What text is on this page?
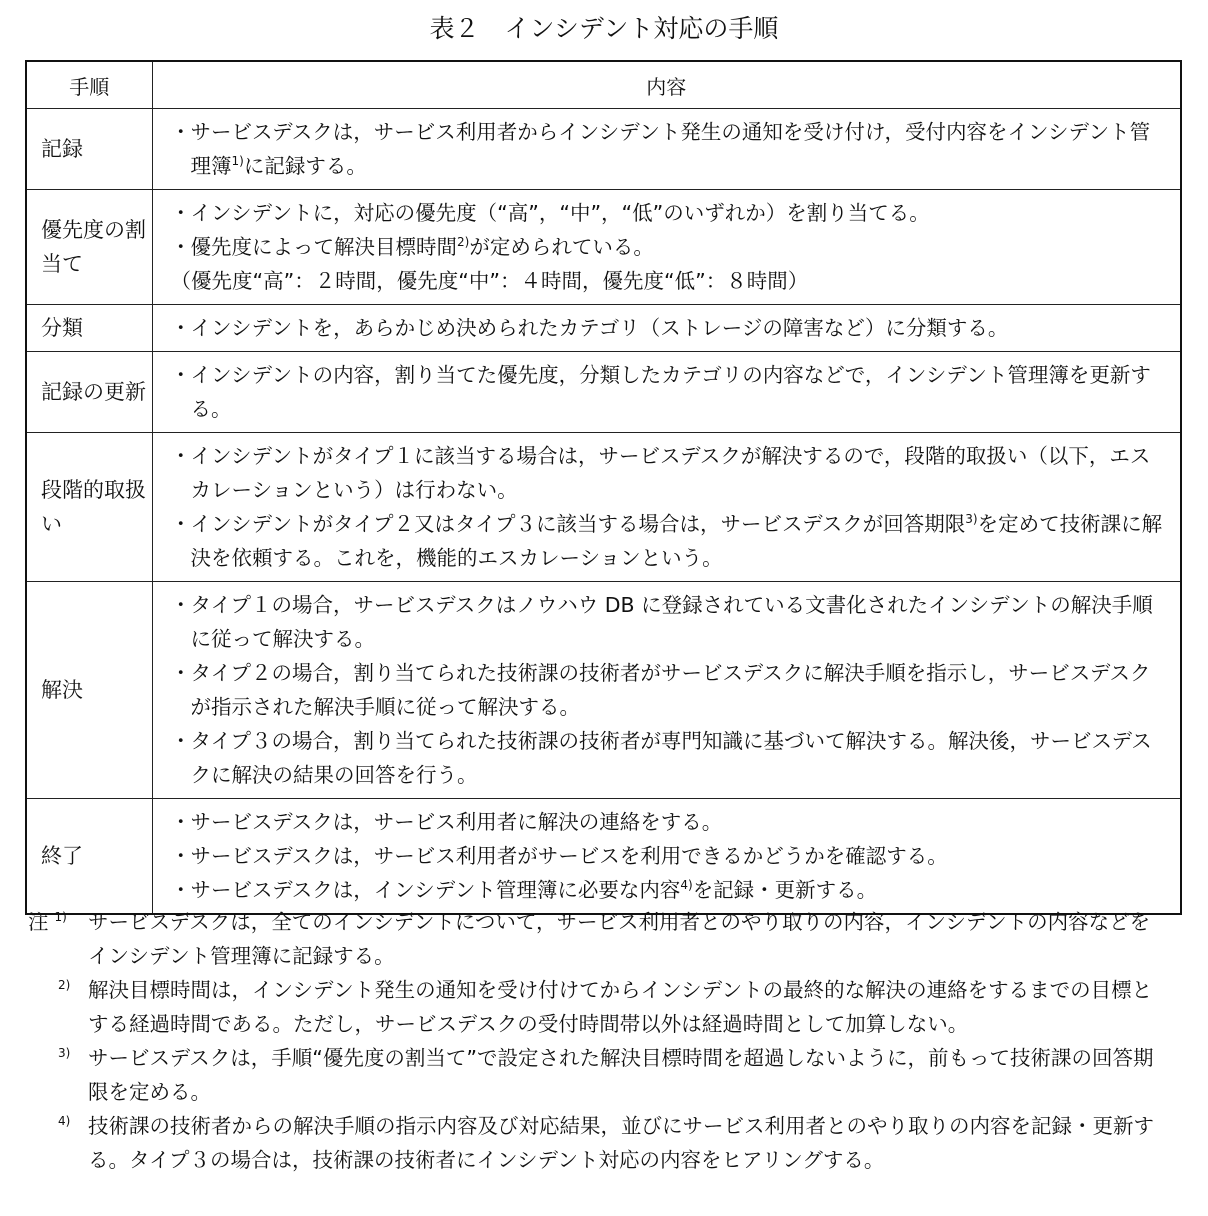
表２　インシデント対応の手順
手順	内容
記録	・サービスデスクは，サービス利用者からインシデント発生の通知を受け付け，受付内容をインシデント管理簿$^{1)}$に記録する。

優先度の割当て	・インシデントに，対応の優先度（“高”，“中”，“低”のいずれか）を割り当てる。
・優先度によって解決目標時間$^{2)}$が定められている。
（優先度“高”：２時間，優先度“中”：４時間，優先度“低”：８時間）

分類	・インシデントを，あらかじめ決められたカテゴリ（ストレージの障害など）に分類する。

記録の更新	・インシデントの内容，割り当てた優先度，分類したカテゴリの内容などで，インシデント管理簿を更新する。

段階的取扱い	・インシデントがタイプ１に該当する場合は，サービスデスクが解決するので，段階的取扱い（以下，エスカレーションという）は行わない。
・インシデントがタイプ２又はタイプ３に該当する場合は，サービスデスクが回答期限$^{3)}$を定めて技術課に解決を依頼する。これを，機能的エスカレーションという。

解決	・タイプ１の場合，サービスデスクはノウハウ DB に登録されている文書化されたインシデントの解決手順に従って解決する。
・タイプ２の場合，割り当てられた技術課の技術者がサービスデスクに解決手順を指示し，サービスデスクが指示された解決手順に従って解決する。
・タイプ３の場合，割り当てられた技術課の技術者が専門知識に基づいて解決する。解決後，サービスデスクに解決の結果の回答を行う。

終了	・サービスデスクは，サービス利用者に解決の連絡をする。
・サービスデスクは，サービス利用者がサービスを利用できるかどうかを確認する。
・サービスデスクは，インシデント管理簿に必要な内容$^{4)}$を記録・更新する。
注 $^{1)}$ サービスデスクは，全てのインシデントについて，サービス利用者とのやり取りの内容，インシデントの内容などをインシデント管理簿に記録する。
$^{2)}$ 解決目標時間は，インシデント発生の通知を受け付けてからインシデントの最終的な解決の連絡をするまでの目標とする経過時間である。ただし，サービスデスクの受付時間帯以外は経過時間として加算しない。
$^{3)}$ サービスデスクは，手順“優先度の割当て”で設定された解決目標時間を超過しないように，前もって技術課の回答期限を定める。
$^{4)}$ 技術課の技術者からの解決手順の指示内容及び対応結果，並びにサービス利用者とのやり取りの内容を記録・更新する。タイプ３の場合は，技術課の技術者にインシデント対応の内容をヒアリングする。
